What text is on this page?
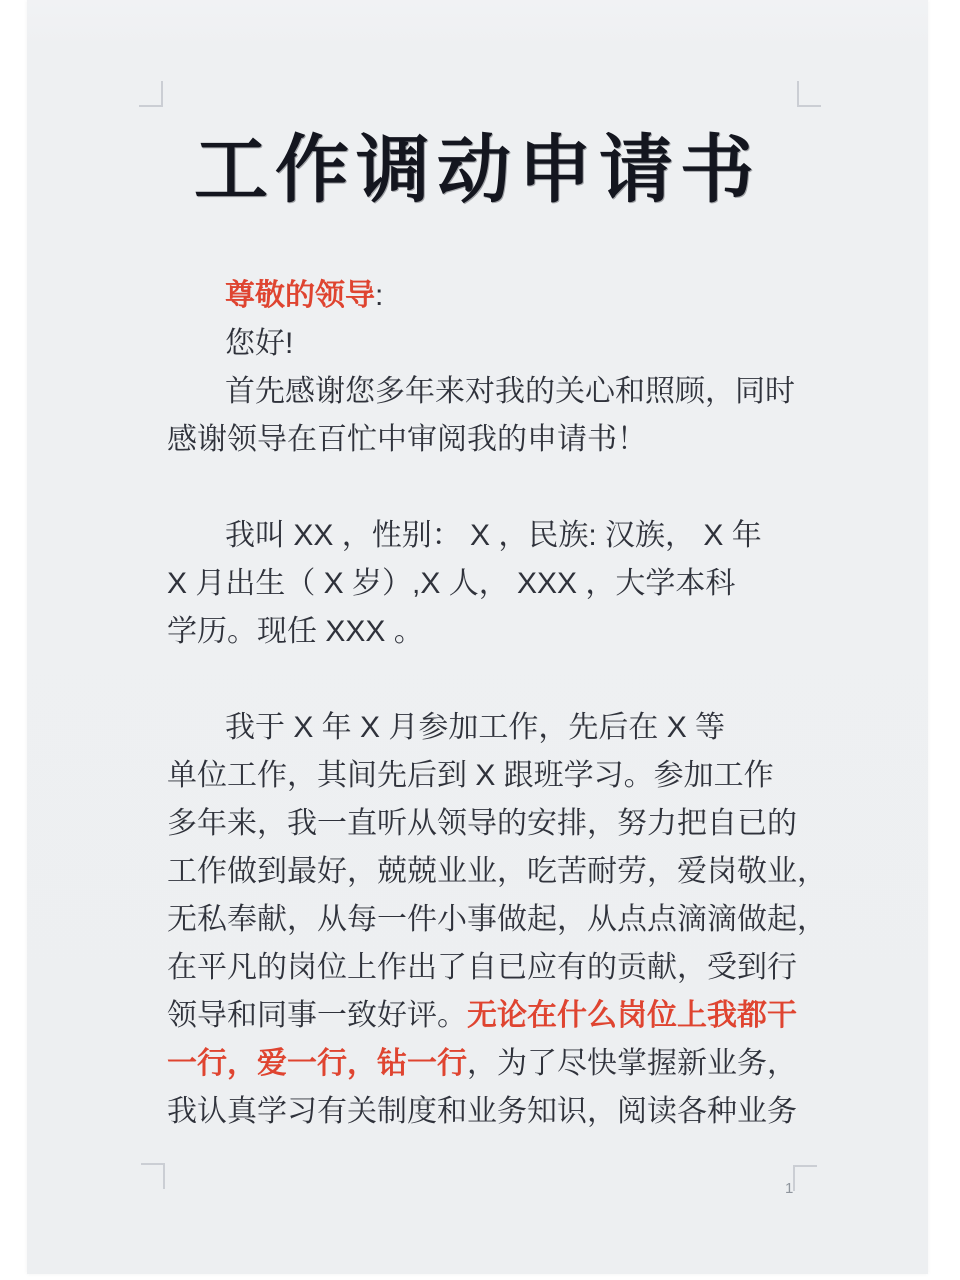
工作调动申请书
尊敬的领导:
您好!
首先感谢您多年来对我的关心和照顾，同时
感谢领导在百忙中审阅我的申请书！
我叫 XX ，性别： X ，民族: 汉族， X 年
X 月出生（ X 岁）,X 人， XXX ，大学本科
学历。现任 XXX 。
我于 X 年 X 月参加工作，先后在 X 等
单位工作，其间先后到 X 跟班学习。参加工作
多年来，我一直听从领导的安排，努力把自已的
工作做到最好，兢兢业业，吃苦耐劳，爱岗敬业，
无私奉献，从每一件小事做起，从点点滴滴做起，
在平凡的岗位上作出了自已应有的贡献，受到行
领导和同事一致好评。无论在什么岗位上我都干
一行，爱一行，钻一行，为了尽快掌握新业务，
我认真学习有关制度和业务知识，阅读各种业务
1
